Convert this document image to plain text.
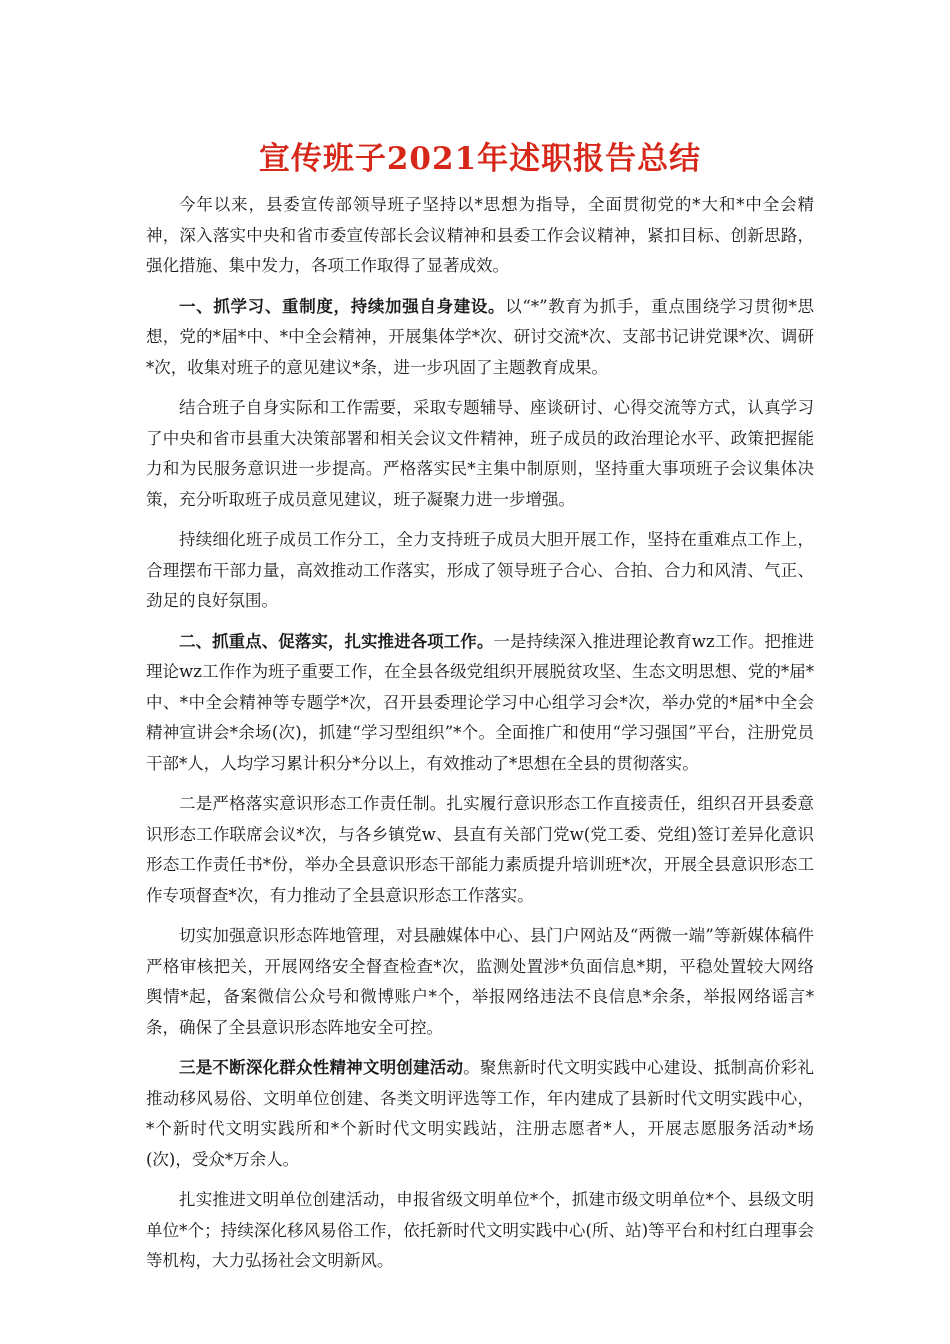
宣传班子2021年述职报告总结

今年以来，县委宣传部领导班子坚持以*思想为指导，全面贯彻党的*大和*中全会精神，深入落实中央和省市委宣传部长会议精神和县委工作会议精神，紧扣目标、创新思路，强化措施、集中发力，各项工作取得了显著成效。

一、抓学习、重制度，持续加强自身建设。以“*”教育为抓手，重点围绕学习贯彻*思想，党的*届*中、*中全会精神，开展集体学*次、研讨交流*次、支部书记讲党课*次、调研*次，收集对班子的意见建议*条，进一步巩固了主题教育成果。

结合班子自身实际和工作需要，采取专题辅导、座谈研讨、心得交流等方式，认真学习了中央和省市县重大决策部署和相关会议文件精神，班子成员的政治理论水平、政策把握能力和为民服务意识进一步提高。严格落实民*主集中制原则，坚持重大事项班子会议集体决策，充分听取班子成员意见建议，班子凝聚力进一步增强。

持续细化班子成员工作分工，全力支持班子成员大胆开展工作，坚持在重难点工作上，合理摆布干部力量，高效推动工作落实，形成了领导班子合心、合拍、合力和风清、气正、劲足的良好氛围。

二、抓重点、促落实，扎实推进各项工作。一是持续深入推进理论教育wz工作。把推进理论wz工作作为班子重要工作，在全县各级党组织开展脱贫攻坚、生态文明思想、党的*届*中、*中全会精神等专题学*次，召开县委理论学习中心组学习会*次，举办党的*届*中全会精神宣讲会*余场(次)，抓建“学习型组织”*个。全面推广和使用“学习强国”平台，注册党员干部*人，人均学习累计积分*分以上，有效推动了*思想在全县的贯彻落实。

二是严格落实意识形态工作责任制。扎实履行意识形态工作直接责任，组织召开县委意识形态工作联席会议*次，与各乡镇党w、县直有关部门党w(党工委、党组)签订差异化意识形态工作责任书*份，举办全县意识形态干部能力素质提升培训班*次，开展全县意识形态工作专项督查*次，有力推动了全县意识形态工作落实。

切实加强意识形态阵地管理，对县融媒体中心、县门户网站及“两微一端”等新媒体稿件严格审核把关，开展网络安全督查检查*次，监测处置涉*负面信息*期，平稳处置较大网络舆情*起，备案微信公众号和微博账户*个，举报网络违法不良信息*余条，举报网络谣言*条，确保了全县意识形态阵地安全可控。

三是不断深化群众性精神文明创建活动。聚焦新时代文明实践中心建设、抵制高价彩礼推动移风易俗、文明单位创建、各类文明评选等工作，年内建成了县新时代文明实践中心，*个新时代文明实践所和*个新时代文明实践站，注册志愿者*人，开展志愿服务活动*场(次)，受众*万余人。

扎实推进文明单位创建活动，申报省级文明单位*个，抓建市级文明单位*个、县级文明单位*个；持续深化移风易俗工作，依托新时代文明实践中心(所、站)等平台和村红白理事会等机构，大力弘扬社会文明新风。
